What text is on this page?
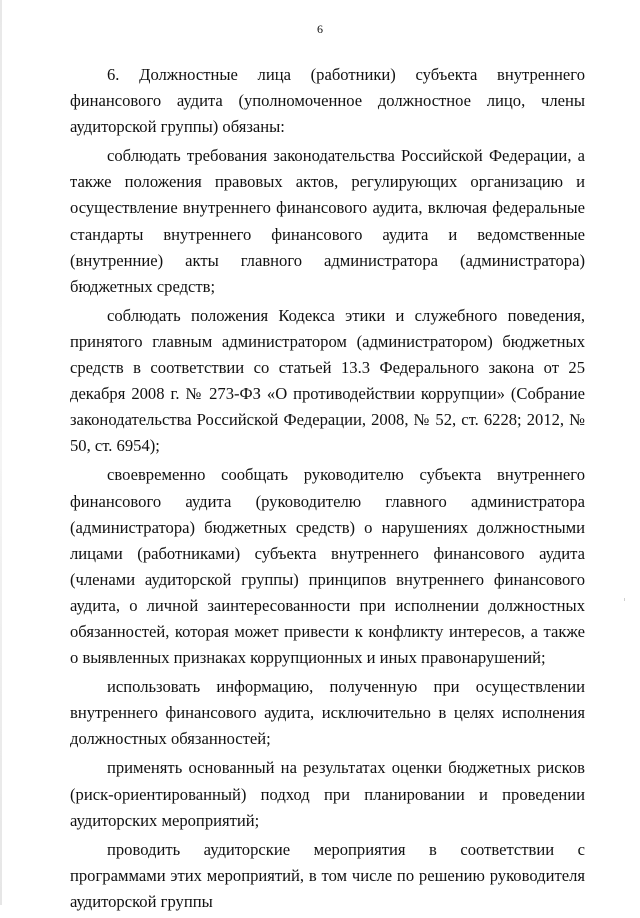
6

6. Должностные лица (работники) субъекта внутреннего финансового аудита (уполномоченное должностное лицо, члены аудиторской группы) обязаны:

соблюдать требования законодательства Российской Федерации, а также положения правовых актов, регулирующих организацию и осуществление внутреннего финансового аудита, включая федеральные стандарты внутреннего финансового аудита и ведомственные (внутренние) акты главного администратора (администратора) бюджетных средств;

соблюдать положения Кодекса этики и служебного поведения, принятого главным администратором (администратором) бюджетных средств в соответствии со статьей 13.3 Федерального закона от 25 декабря 2008 г. № 273-ФЗ «О противодействии коррупции» (Собрание законодательства Российской Федерации, 2008, № 52, ст. 6228; 2012, № 50, ст. 6954);

своевременно сообщать руководителю субъекта внутреннего финансового аудита (руководителю главного администратора (администратора) бюджетных средств) о нарушениях должностными лицами (работниками) субъекта внутреннего финансового аудита (членами аудиторской группы) принципов внутреннего финансового аудита, о личной заинтересованности при исполнении должностных обязанностей, которая может привести к конфликту интересов, а также о выявленных признаках коррупционных и иных правонарушений;

использовать информацию, полученную при осуществлении внутреннего финансового аудита, исключительно в целях исполнения должностных обязанностей;

применять основанный на результатах оценки бюджетных рисков (риск-ориентированный) подход при планировании и проведении аудиторских мероприятий;

проводить аудиторские мероприятия в соответствии с программами этих мероприятий, в том числе по решению руководителя аудиторской группы
